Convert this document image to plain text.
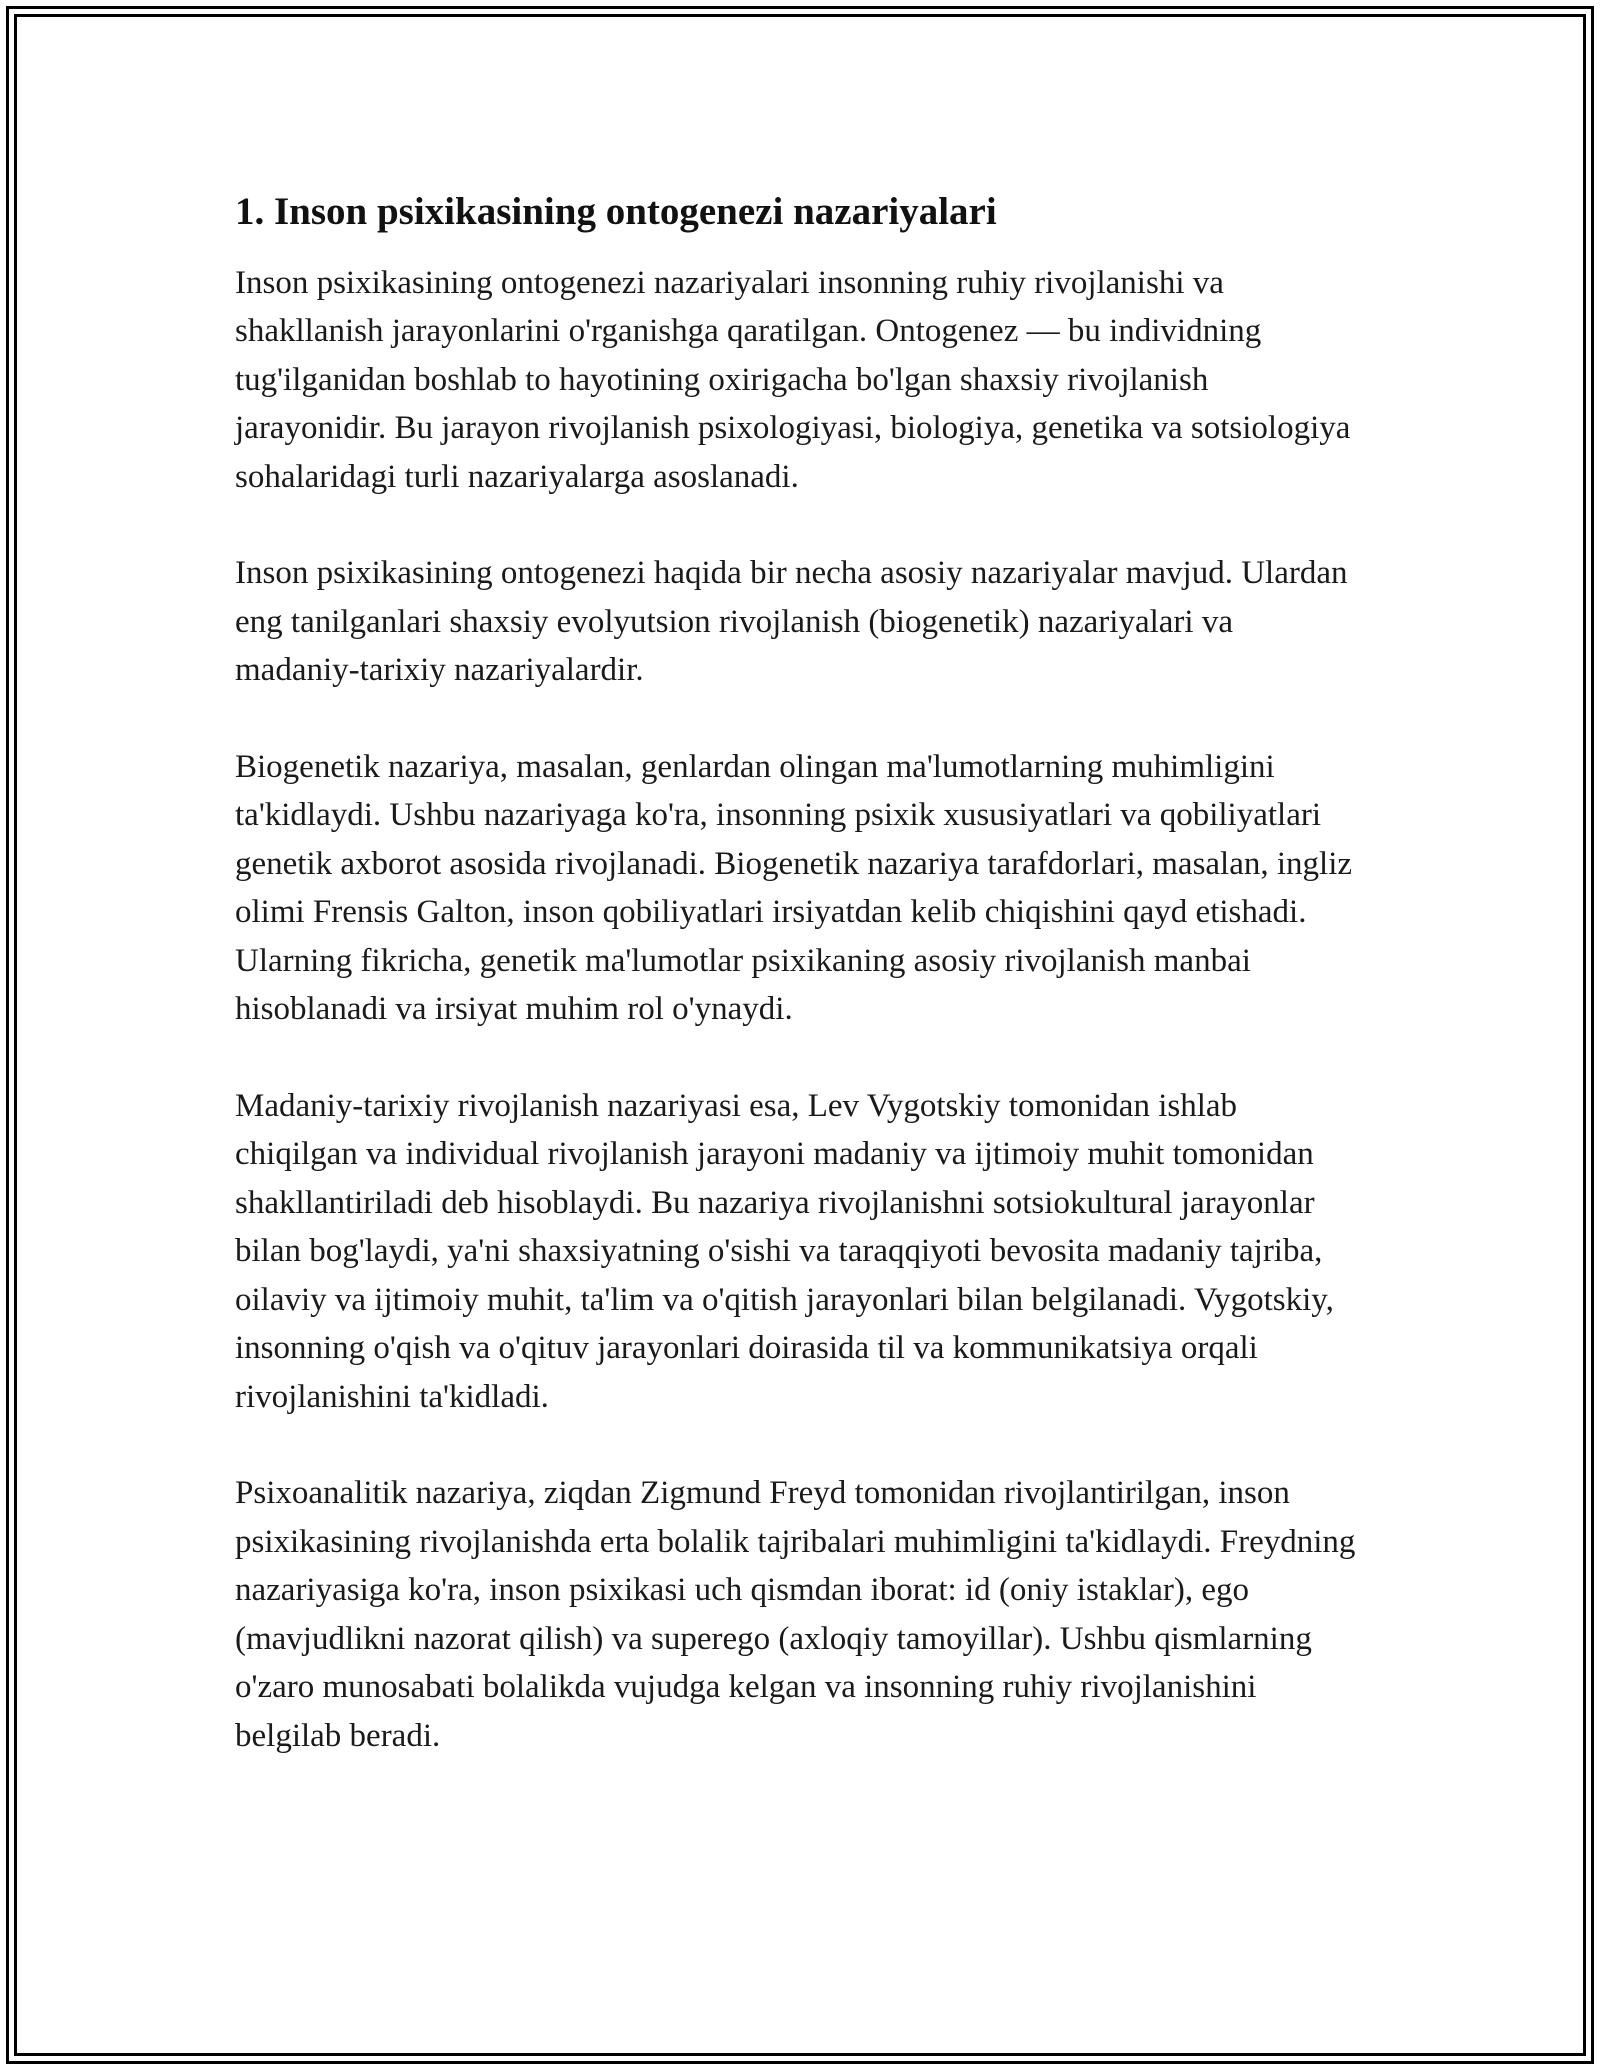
1. Inson psixikasining ontogenezi nazariyalari

Inson psixikasining ontogenezi nazariyalari insonning ruhiy rivojlanishi va shakllanish jarayonlarini o'rganishga qaratilgan. Ontogenez — bu individning tug'ilganidan boshlab to hayotining oxirigacha bo'lgan shaxsiy rivojlanish jarayonidir. Bu jarayon rivojlanish psixologiyasi, biologiya, genetika va sotsiologiya sohalaridagi turli nazariyalarga asoslanadi.

Inson psixikasining ontogenezi haqida bir necha asosiy nazariyalar mavjud. Ulardan eng tanilganlari shaxsiy evolyutsion rivojlanish (biogenetik) nazariyalari va madaniy-tarixiy nazariyalardir.

Biogenetik nazariya, masalan, genlardan olingan ma'lumotlarning muhimligini ta'kidlaydi. Ushbu nazariyaga ko'ra, insonning psixik xususiyatlari va qobiliyatlari genetik axborot asosida rivojlanadi. Biogenetik nazariya tarafdorlari, masalan, ingliz olimi Frensis Galton, inson qobiliyatlari irsiyatdan kelib chiqishini qayd etishadi. Ularning fikricha, genetik ma'lumotlar psixikaning asosiy rivojlanish manbai hisoblanadi va irsiyat muhim rol o'ynaydi.

Madaniy-tarixiy rivojlanish nazariyasi esa, Lev Vygotskiy tomonidan ishlab chiqilgan va individual rivojlanish jarayoni madaniy va ijtimoiy muhit tomonidan shakllantiriladi deb hisoblaydi. Bu nazariya rivojlanishni sotsiokultural jarayonlar bilan bog'laydi, ya'ni shaxsiyatning o'sishi va taraqqiyoti bevosita madaniy tajriba, oilaviy va ijtimoiy muhit, ta'lim va o'qitish jarayonlari bilan belgilanadi. Vygotskiy, insonning o'qish va o'qituv jarayonlari doirasida til va kommunikatsiya orqali rivojlanishini ta'kidladi.

Psixoanalitik nazariya, ziqdan Zigmund Freyd tomonidan rivojlantirilgan, inson psixikasining rivojlanishda erta bolalik tajribalari muhimligini ta'kidlaydi. Freydning nazariyasiga ko'ra, inson psixikasi uch qismdan iborat: id (oniy istaklar), ego (mavjudlikni nazorat qilish) va superego (axloqiy tamoyillar). Ushbu qismlarning o'zaro munosabati bolalikda vujudga kelgan va insonning ruhiy rivojlanishini belgilab beradi.
